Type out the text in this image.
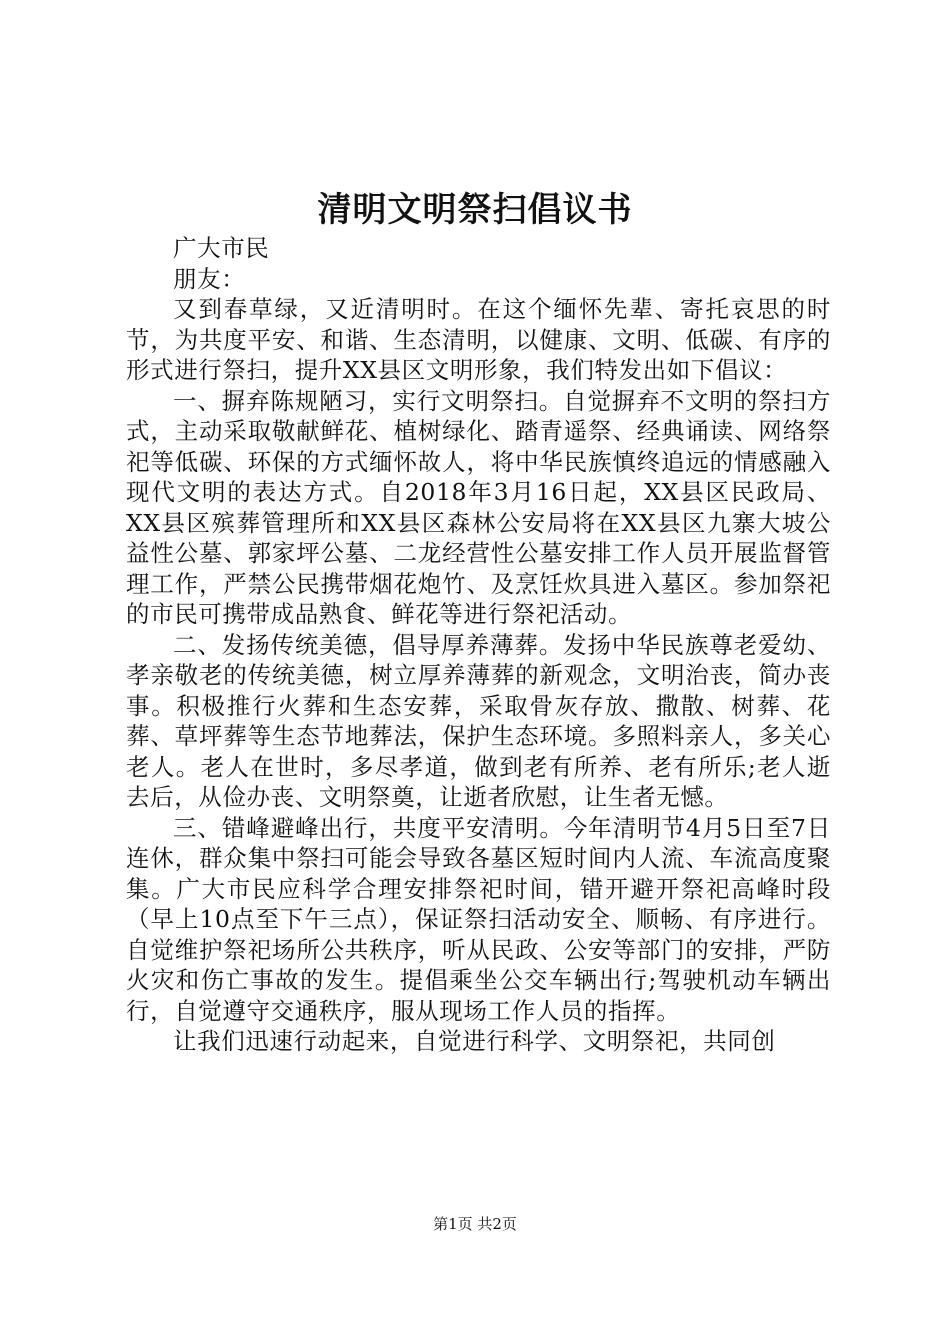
清明文明祭扫倡议书

广大市民

朋友：

又到春草绿，又近清明时。在这个缅怀先辈、寄托哀思的时节，为共度平安、和谐、生态清明，以健康、文明、低碳、有序的形式进行祭扫，提升XX县区文明形象，我们特发出如下倡议：

一、摒弃陈规陋习，实行文明祭扫。自觉摒弃不文明的祭扫方式，主动采取敬献鲜花、植树绿化、踏青遥祭、经典诵读、网络祭祀等低碳、环保的方式缅怀故人，将中华民族慎终追远的情感融入现代文明的表达方式。自2018年3月16日起，XX县区民政局、XX县区殡葬管理所和XX县区森林公安局将在XX县区九寨大坡公益性公墓、郭家坪公墓、二龙经营性公墓安排工作人员开展监督管理工作，严禁公民携带烟花炮竹、及烹饪炊具进入墓区。参加祭祀的市民可携带成品熟食、鲜花等进行祭祀活动。

二、发扬传统美德，倡导厚养薄葬。发扬中华民族尊老爱幼、孝亲敬老的传统美德，树立厚养薄葬的新观念，文明治丧，简办丧事。积极推行火葬和生态安葬，采取骨灰存放、撒散、树葬、花葬、草坪葬等生态节地葬法，保护生态环境。多照料亲人，多关心老人。老人在世时，多尽孝道，做到老有所养、老有所乐;老人逝去后，从俭办丧、文明祭奠，让逝者欣慰，让生者无憾。

三、错峰避峰出行，共度平安清明。今年清明节4月5日至7日连休，群众集中祭扫可能会导致各墓区短时间内人流、车流高度聚集。广大市民应科学合理安排祭祀时间，错开避开祭祀高峰时段（早上10点至下午三点），保证祭扫活动安全、顺畅、有序进行。自觉维护祭祀场所公共秩序，听从民政、公安等部门的安排，严防火灾和伤亡事故的发生。提倡乘坐公交车辆出行;驾驶机动车辆出行，自觉遵守交通秩序，服从现场工作人员的指挥。

让我们迅速行动起来，自觉进行科学、文明祭祀，共同创

第1页 共2页
